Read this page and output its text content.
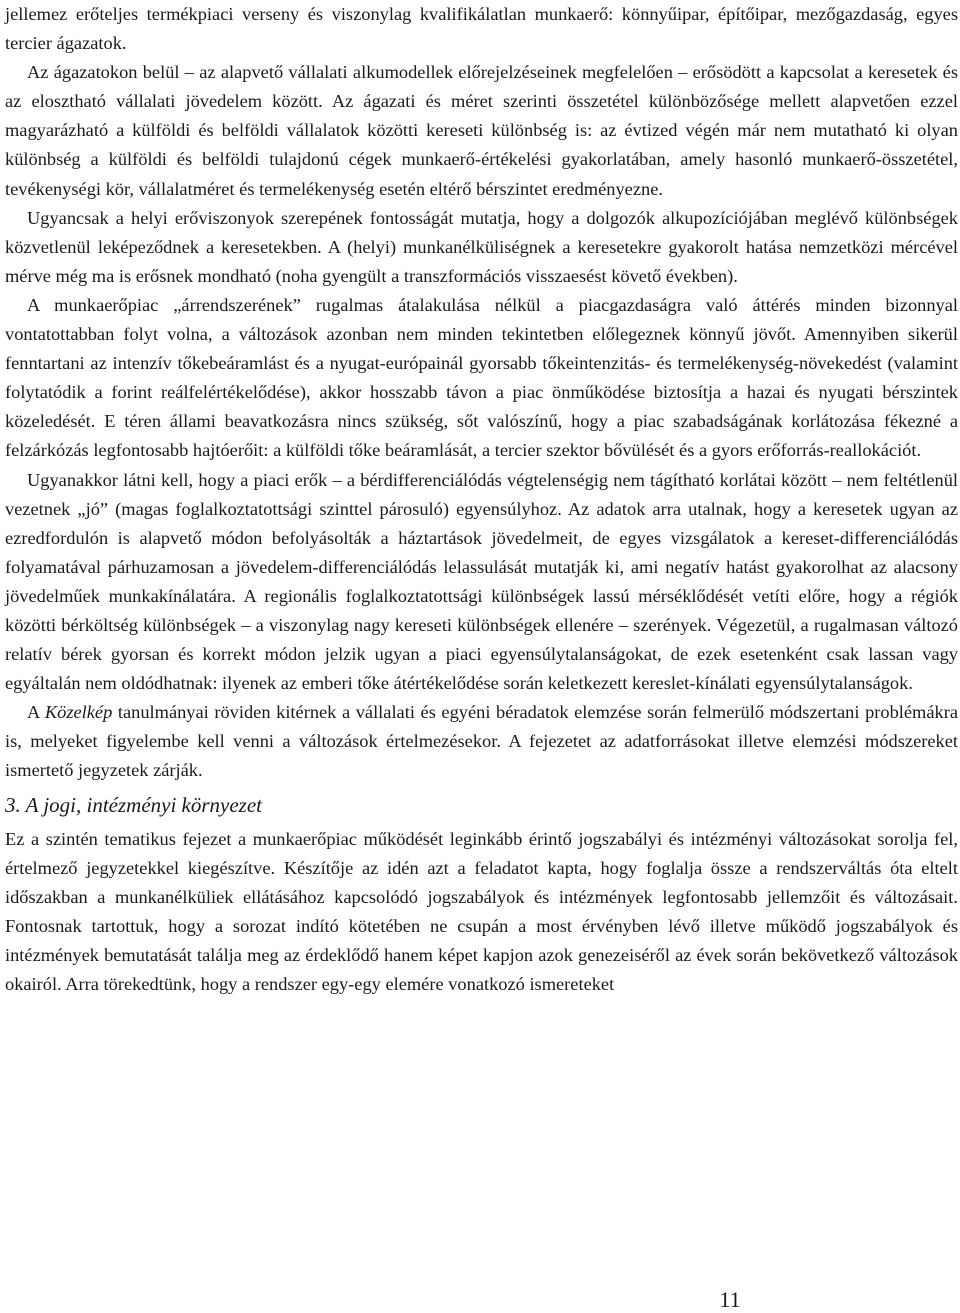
jellemez erőteljes termékpiaci verseny és viszonylag kvalifikálatlan munkaerő: könnyűipar, építőipar, mezőgazdaság, egyes tercier ágazatok.

Az ágazatokon belül – az alapvető vállalati alkumodellek előrejelzéseinek megfelelően – erősödött a kapcsolat a keresetek és az elosztható vállalati jövedelem között. Az ágazati és méret szerinti összetétel különbözősége mellett alapvetően ezzel magyarázható a külföldi és belföldi vállalatok közötti kereseti különbség is: az évtized végén már nem mutatható ki olyan különbség a külföldi és belföldi tulajdonú cégek munkaerő-értékelési gyakorlatában, amely hasonló munkaerő-összetétel, tevékenységi kör, vállalatméret és termelékenység esetén eltérő bérszintet eredményezne.

Ugyancsak a helyi erőviszonyok szerepének fontosságát mutatja, hogy a dolgozók alkupozíciójában meglévő különbségek közvetlenül leképeződnek a keresetekben. A (helyi) munkanélküliségnek a keresetekre gyakorolt hatása nemzetközi mércével mérve még ma is erősnek mondható (noha gyengült a transzformációs visszaesést követő években).

A munkaerőpiac „árrendszerének” rugalmas átalakulása nélkül a piacgazdaságra való áttérés minden bizonnyal vontatottabban folyt volna, a változások azonban nem minden tekintetben előlegeznek könnyű jövőt. Amennyiben sikerül fenntartani az intenzív tőkebeáramlást és a nyugat-európainál gyorsabb tőkeintenzitás- és termelékenység-növekedést (valamint folytatódik a forint reálfelértékelődése), akkor hosszabb távon a piac önműködése biztosítja a hazai és nyugati bérszintek közeledését. E téren állami beavatkozásra nincs szükség, sőt valószínű, hogy a piac szabadságának korlátozása fékezné a felzárkózás legfontosabb hajtóerőit: a külföldi tőke beáramlását, a tercier szektor bővülését és a gyors erőforrás-reallokációt.

Ugyanakkor látni kell, hogy a piaci erők – a bérdifferenciálódás végtelenségig nem tágítható korlátai között – nem feltétlenül vezetnek „jó” (magas foglalkoztatottsági szinttel párosuló) egyensúlyhoz. Az adatok arra utalnak, hogy a keresetek ugyan az ezredfordulón is alapvető módon befolyásolták a háztartások jövedelmeit, de egyes vizsgálatok a kereset-differenciálódás folyamatával párhuzamosan a jövedelem-differenciálódás lelassulását mutatják ki, ami negatív hatást gyakorolhat az alacsony jövedelműek munkakínálatára. A regionális foglalkoztatottsági különbségek lassú mérséklődését vetíti előre, hogy a régiók közötti bérköltség különbségek – a viszonylag nagy kereseti különbségek ellenére – szerények. Végezetül, a rugalmasan változó relatív bérek gyorsan és korrekt módon jelzik ugyan a piaci egyensúlytalanságokat, de ezek esetenként csak lassan vagy egyáltalán nem oldódhatnak: ilyenek az emberi tőke átértékelődése során keletkezett kereslet-kínálati egyensúlytalanságok.

A Közelkép tanulmányai röviden kitérnek a vállalati és egyéni béradatok elemzése során felmerülő módszertani problémákra is, melyeket figyelembe kell venni a változások értelmezésekor. A fejezetet az adatforrásokat illetve elemzési módszereket ismertető jegyzetek zárják.

3. A jogi, intézményi környezet

Ez a szintén tematikus fejezet a munkaerőpiac működését leginkább érintő jogszabályi és intézményi változásokat sorolja fel, értelmező jegyzetekkel kiegészítve. Készítője az idén azt a feladatot kapta, hogy foglalja össze a rendszerváltás óta eltelt időszakban a munkanélküliek ellátásához kapcsolódó jogszabályok és intézmények legfontosabb jellemzőit és változásait. Fontosnak tartottuk, hogy a sorozat indító kötetében ne csupán a most érvényben lévő illetve működő jogszabályok és intézmények bemutatását találja meg az érdeklődő hanem képet kapjon azok genezeiséről az évek során bekövetkező változások okairól. Arra törekedtünk, hogy a rendszer egy-egy elemére vonatkozó ismereteket

11
